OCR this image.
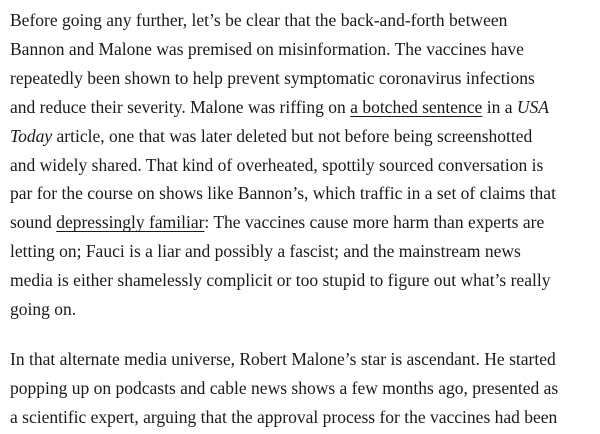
Before going any further, let’s be clear that the back-and-forth between
Bannon and Malone was premised on misinformation. The vaccines have
repeatedly been shown to help prevent symptomatic coronavirus infections
and reduce their severity. Malone was riffing on a botched sentence in a USA
Today article, one that was later deleted but not before being screenshotted
and widely shared. That kind of overheated, spottily sourced conversation is
par for the course on shows like Bannon’s, which traffic in a set of claims that
sound depressingly familiar: The vaccines cause more harm than experts are
letting on; Fauci is a liar and possibly a fascist; and the mainstream news
media is either shamelessly complicit or too stupid to figure out what’s really
going on.

In that alternate media universe, Robert Malone’s star is ascendant. He started
popping up on podcasts and cable news shows a few months ago, presented as
a scientific expert, arguing that the approval process for the vaccines had been
